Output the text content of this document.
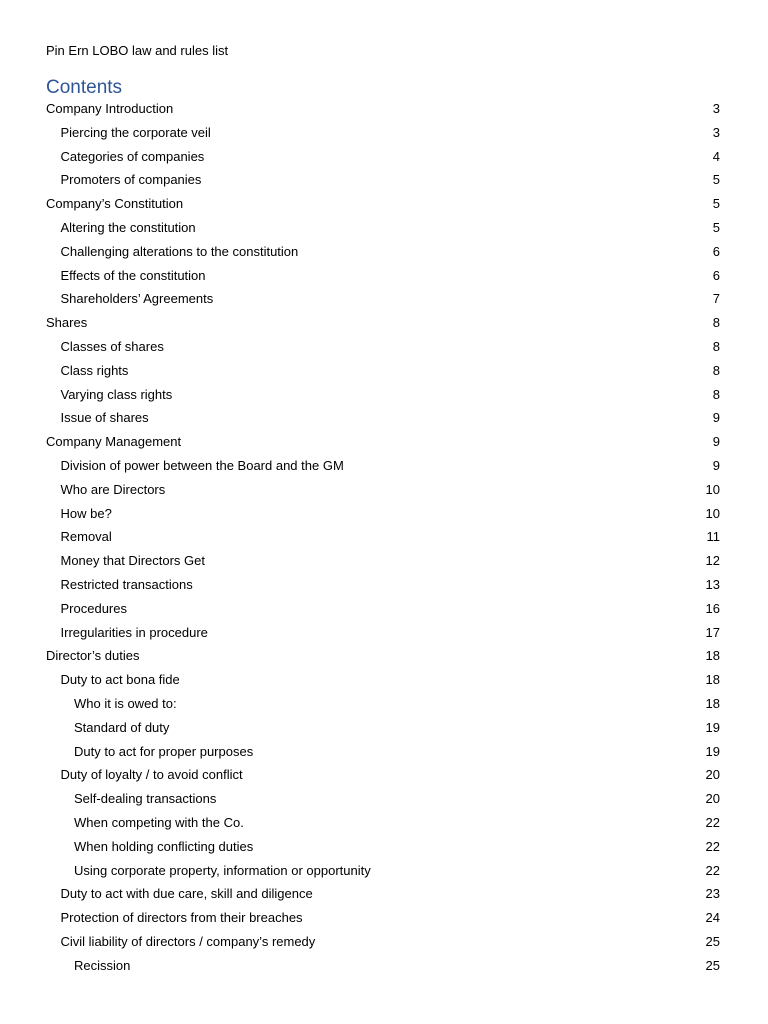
Pin Ern LOBO law and rules list
Contents
Company Introduction	3
Piercing the corporate veil	3
Categories of companies	4
Promoters of companies	5
Company’s Constitution	5
Altering the constitution	5
Challenging alterations to the constitution	6
Effects of the constitution	6
Shareholders’ Agreements	7
Shares	8
Classes of shares	8
Class rights	8
Varying class rights	8
Issue of shares	9
Company Management	9
Division of power between the Board and the GM	9
Who are Directors	10
How be?	10
Removal	11
Money that Directors Get	12
Restricted transactions	13
Procedures	16
Irregularities in procedure	17
Director’s duties	18
Duty to act bona fide	18
Who it is owed to:	18
Standard of duty	19
Duty to act for proper purposes	19
Duty of loyalty / to avoid conflict	20
Self-dealing transactions	20
When competing with the Co.	22
When holding conflicting duties	22
Using corporate property, information or opportunity	22
Duty to act with due care, skill and diligence	23
Protection of directors from their breaches	24
Civil liability of directors / company’s remedy	25
Recission	25
